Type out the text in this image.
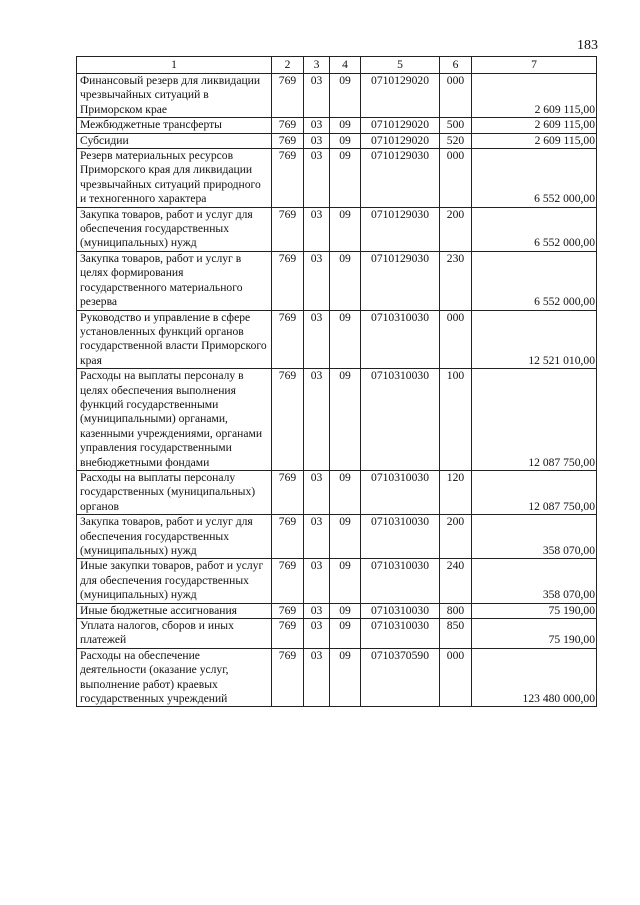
183
1	2	3	4	5	6	7
Финансовый резерв для ликвидации чрезвычайных ситуаций в Приморском крае	769	03	09	0710129020	000	2 609 115,00
Межбюджетные трансферты	769	03	09	0710129020	500	2 609 115,00
Субсидии	769	03	09	0710129020	520	2 609 115,00
Резерв материальных ресурсов Приморского края для ликвидации чрезвычайных ситуаций природного и техногенного характера	769	03	09	0710129030	000	6 552 000,00
Закупка товаров, работ и услуг для обеспечения государственных (муниципальных) нужд	769	03	09	0710129030	200	6 552 000,00
Закупка товаров, работ и услуг в целях формирования государственного материального резерва	769	03	09	0710129030	230	6 552 000,00
Руководство и управление в сфере установленных функций органов государственной власти Приморского края	769	03	09	0710310030	000	12 521 010,00
Расходы на выплаты персоналу в целях обеспечения выполнения функций государственными (муниципальными) органами, казенными учреждениями, органами управления государственными внебюджетными фондами	769	03	09	0710310030	100	12 087 750,00
Расходы на выплаты персоналу государственных (муниципальных) органов	769	03	09	0710310030	120	12 087 750,00
Закупка товаров, работ и услуг для обеспечения государственных (муниципальных) нужд	769	03	09	0710310030	200	358 070,00
Иные закупки товаров, работ и услуг для обеспечения государственных (муниципальных) нужд	769	03	09	0710310030	240	358 070,00
Иные бюджетные ассигнования	769	03	09	0710310030	800	75 190,00
Уплата налогов, сборов и иных платежей	769	03	09	0710310030	850	75 190,00
Расходы на обеспечение деятельности (оказание услуг, выполнение работ) краевых государственных учреждений	769	03	09	0710370590	000	123 480 000,00
